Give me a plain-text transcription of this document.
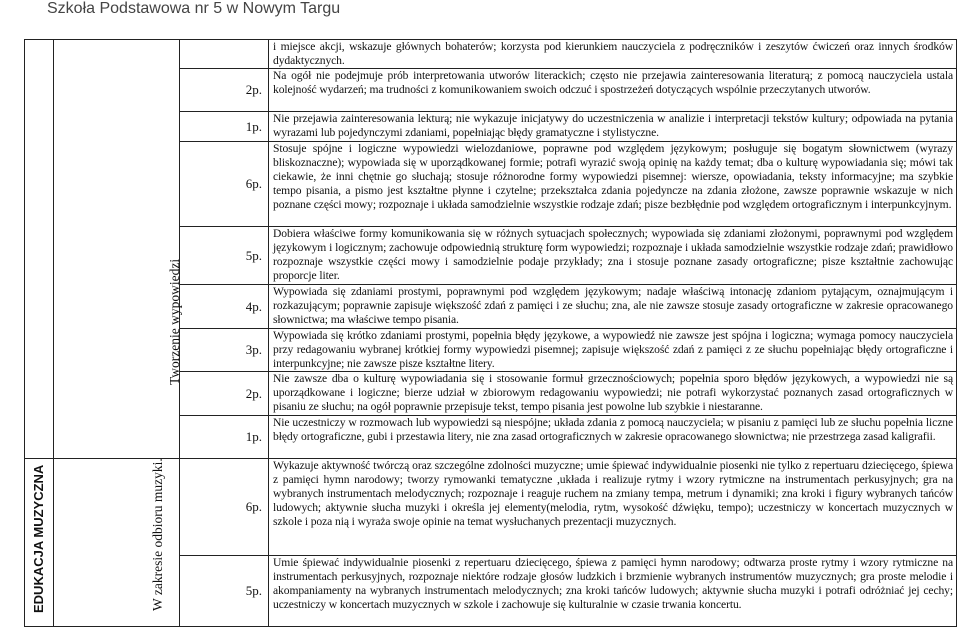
Szkoła Podstawowa nr 5 w Nowym Targu

	Tworzenie wypowiedzi		i miejsce akcji, wskazuje głównych bohaterów; korzysta pod kierunkiem nauczyciela z podręczników i zeszytów ćwiczeń oraz innych środków dydaktycznych.
		2p.	Na ogół nie podejmuje prób interpretowania utworów literackich; często nie przejawia zainteresowania literaturą; z pomocą nauczyciela ustala kolejność wydarzeń; ma trudności z komunikowaniem swoich odczuć i spostrzeżeń dotyczących wspólnie przeczytanych utworów.
		1p.	Nie przejawia zainteresowania lekturą; nie wykazuje inicjatywy do uczestniczenia w analizie i interpretacji tekstów kultury; odpowiada na pytania wyrazami lub pojedynczymi zdaniami, popełniając błędy gramatyczne i stylistyczne.
		6p.	Stosuje spójne i logiczne wypowiedzi wielozdaniowe, poprawne pod względem językowym; posługuje się bogatym słownictwem (wyrazy bliskoznaczne); wypowiada się w uporządkowanej formie; potrafi wyrazić swoją opinię na każdy temat; dba o kulturę wypowiadania się; mówi tak ciekawie, że inni chętnie go słuchają; stosuje różnorodne formy wypowiedzi pisemnej: wiersze, opowiadania, teksty informacyjne; ma szybkie tempo pisania, a pismo jest kształtne płynne i czytelne; przekształca zdania pojedyncze na zdania złożone, zawsze poprawnie wskazuje w nich poznane części mowy; rozpoznaje i układa samodzielnie wszystkie rodzaje zdań; pisze bezbłędnie pod względem ortograficznym i interpunkcyjnym.
		5p.	Dobiera właściwe formy komunikowania się w różnych sytuacjach społecznych; wypowiada się zdaniami złożonymi, poprawnymi pod względem językowym i logicznym; zachowuje odpowiednią strukturę form wypowiedzi; rozpoznaje i układa samodzielnie wszystkie rodzaje zdań; prawidłowo rozpoznaje wszystkie części mowy i samodzielnie podaje przykłady; zna i stosuje poznane zasady ortograficzne; pisze kształtnie zachowując proporcje liter.
		4p.	Wypowiada się zdaniami prostymi, poprawnymi pod względem językowym; nadaje właściwą intonację zdaniom pytającym, oznajmującym i rozkazującym; poprawnie zapisuje większość zdań z pamięci i ze słuchu; zna, ale nie zawsze stosuje zasady ortograficzne w zakresie opracowanego słownictwa; ma właściwe tempo pisania.
		3p.	Wypowiada się krótko zdaniami prostymi, popełnia błędy językowe, a wypowiedź nie zawsze jest spójna i logiczna; wymaga pomocy nauczyciela przy redagowaniu wybranej krótkiej formy wypowiedzi pisemnej; zapisuje większość zdań z pamięci z ze słuchu popełniając błędy ortograficzne i interpunkcyjne; nie zawsze pisze kształtne litery.
		2p.	Nie zawsze dba o kulturę wypowiadania się i stosowanie formuł grzecznościowych; popełnia sporo błędów językowych, a wypowiedzi nie są uporządkowane i logiczne; bierze udział w zbiorowym redagowaniu wypowiedzi; nie potrafi wykorzystać poznanych zasad ortograficznych w pisaniu ze słuchu; na ogół poprawnie przepisuje tekst, tempo pisania jest powolne lub szybkie i niestaranne.
		1p.	Nie uczestniczy w rozmowach lub wypowiedzi są niespójne; układa zdania z pomocą nauczyciela; w pisaniu z pamięci lub ze słuchu popełnia liczne błędy ortograficzne, gubi i przestawia litery, nie zna zasad ortograficznych w zakresie opracowanego słownictwa; nie przestrzega zasad kaligrafii.

EDUKACJA MUZYCZNA	W zakresie odbioru muzyki.	6p.	Wykazuje aktywność twórczą oraz szczególne zdolności muzyczne; umie śpiewać indywidualnie piosenki nie tylko z repertuaru dziecięcego, śpiewa z pamięci hymn narodowy; tworzy rymowanki tematyczne ,układa i realizuje rytmy i wzory rytmiczne na instrumentach perkusyjnych; gra na wybranych instrumentach melodycznych; rozpoznaje i reaguje ruchem na zmiany tempa, metrum i dynamiki; zna kroki i figury wybranych tańców ludowych; aktywnie słucha muzyki i określa jej elementy(melodia, rytm, wysokość dźwięku, tempo); uczestniczy w koncertach muzycznych w szkole i poza nią i wyraża swoje opinie na temat wysłuchanych prezentacji muzycznych.
		5p.	Umie śpiewać indywidualnie piosenki z repertuaru dziecięcego, śpiewa z pamięci hymn narodowy; odtwarza proste rytmy i wzory rytmiczne na instrumentach perkusyjnych, rozpoznaje niektóre rodzaje głosów ludzkich i brzmienie wybranych instrumentów muzycznych; gra proste melodie i akompaniamenty na wybranych instrumentach melodycznych; zna kroki tańców ludowych; aktywnie słucha muzyki i potrafi odróżniać jej cechy; uczestniczy w koncertach muzycznych w szkole i zachowuje się kulturalnie w czasie trwania koncertu.
